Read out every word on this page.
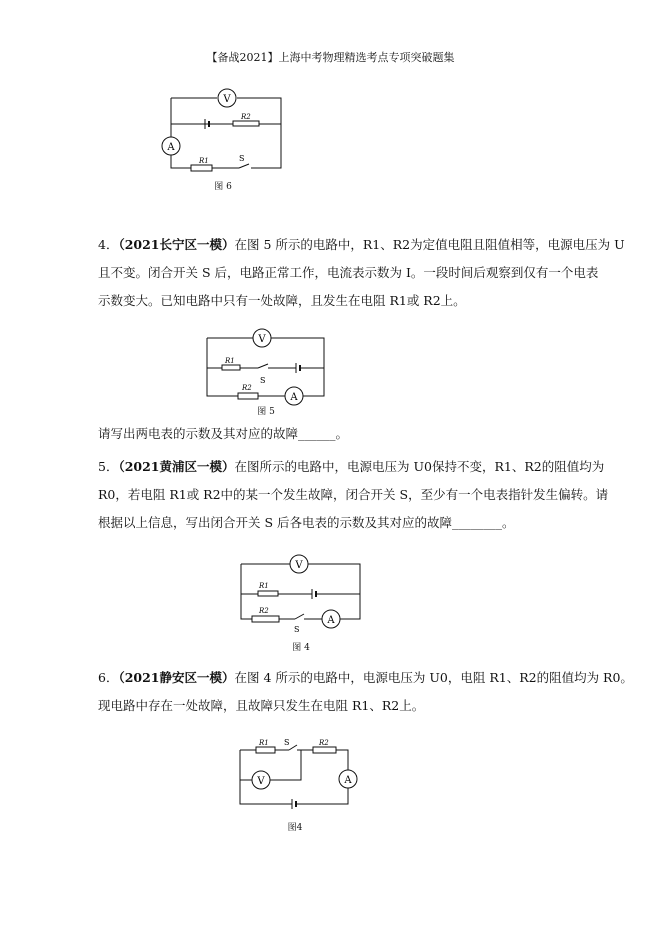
【备战2021】上海中考物理精选考点专项突破题集
V
A
R2
R1	S
图 6
4．（2021长宁区一模）在图 5 所示的电路中，R1、R2为定值电阻且阻值相等，电源电压为 U
且不变。闭合开关 S 后，电路正常工作，电流表示数为 I。一段时间后观察到仅有一个电表
示数变大。已知电路中只有一处故障，且发生在电阻 R1或 R2上。
V
A
R1
R2
S
图 5
请写出两电表的示数及其对应的故障______。
5．（2021黄浦区一模）在图所示的电路中，电源电压为 U0保持不变，R1、R2的阻值均为
R0，若电阻 R1或 R2中的某一个发生故障，闭合开关 S，至少有一个电表指针发生偏转。请
根据以上信息，写出闭合开关 S 后各电表的示数及其对应的故障________。
V
A
R1
R2
S
图 4
6．（2021静安区一模）在图 4 所示的电路中，电源电压为 U0，电阻 R1、R2的阻值均为 R0。
现电路中存在一处故障，且故障只发生在电阻 R1、R2上。
V	A
R1	R2
S
图4
